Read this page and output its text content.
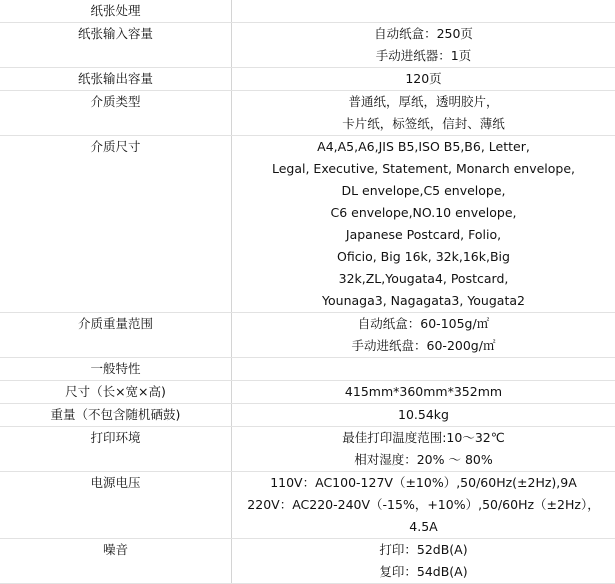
纸张处理
纸张输入容量	自动纸盒：250页
手动进纸器：1页
纸张输出容量	120页
介质类型	普通纸，厚纸，透明胶片，
卡片纸，标签纸，信封、薄纸
介质尺寸	A4,A5,A6,JIS B5,ISO B5,B6, Letter,
Legal, Executive, Statement, Monarch envelope,
DL envelope,C5 envelope,
C6 envelope,NO.10 envelope,
Japanese Postcard, Folio,
Oficio, Big 16k, 32k,16k,Big
32k,ZL,Yougata4, Postcard,
Younaga3, Nagagata3, Yougata2
介质重量范围	自动纸盒：60-105g/㎡
手动进纸盘：60-200g/㎡
一般特性
尺寸（长×宽×高)	415mm*360mm*352mm
重量（不包含随机硒鼓)	10.54kg
打印环境	最佳打印温度范围:10～32℃
相对湿度：20% ～ 80%
电源电压	110V：AC100-127V（±10%）,50/60Hz(±2Hz),9A
220V：AC220-240V（-15%，+10%）,50/60Hz（±2Hz），
4.5A
噪音	打印：52dB(A)
复印：54dB(A)
